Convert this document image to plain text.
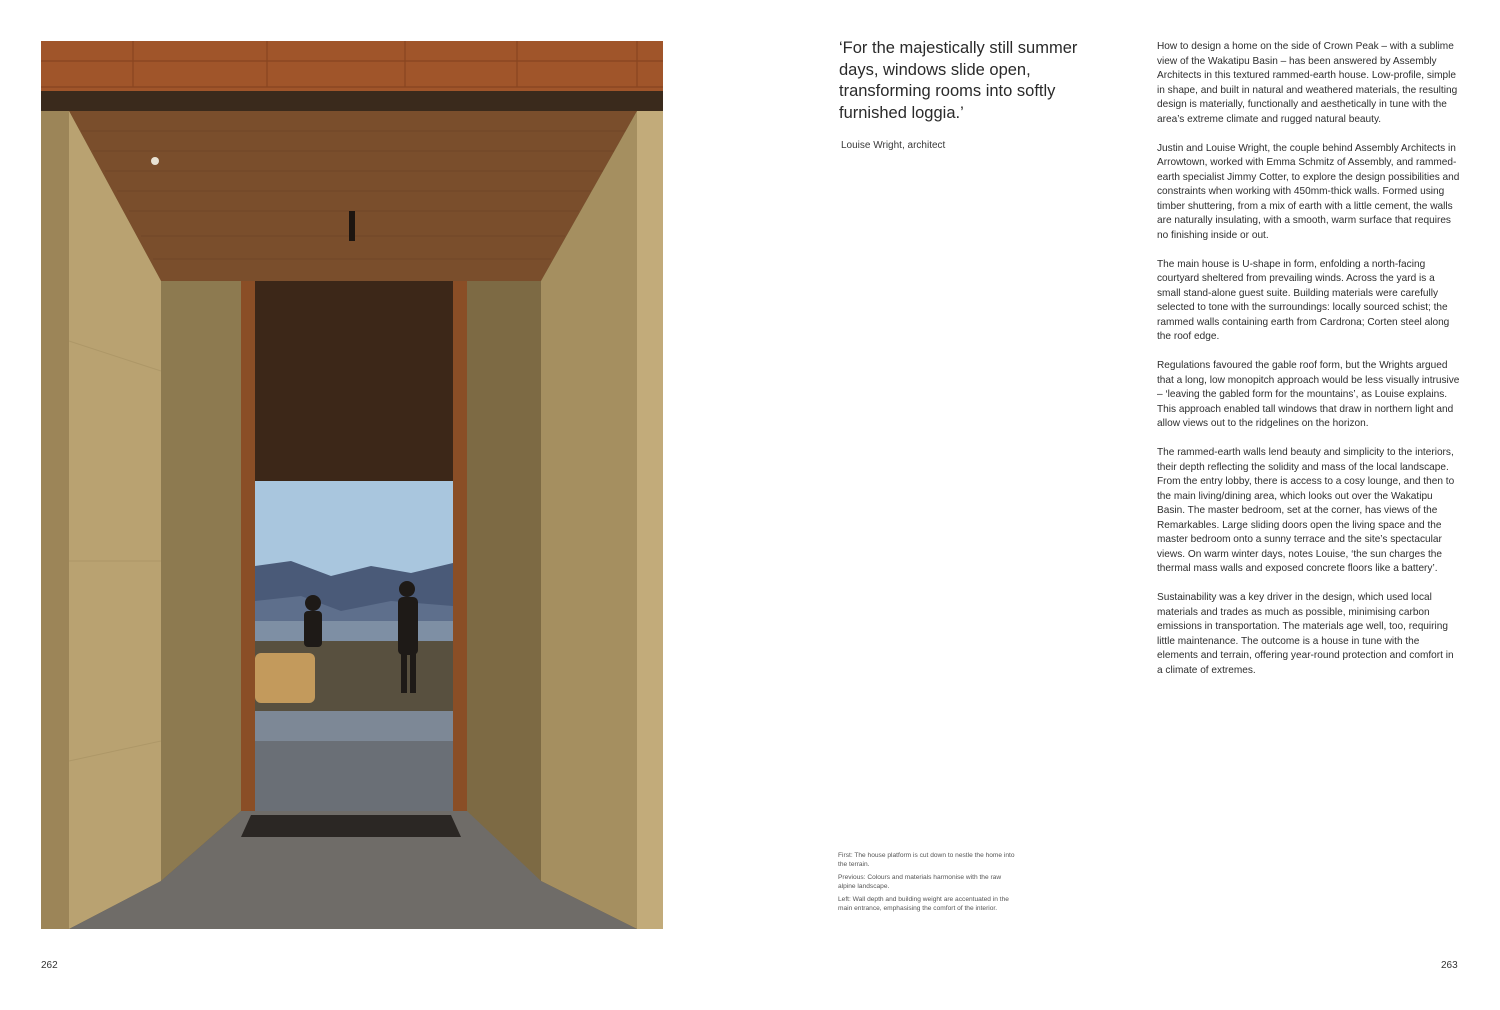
‘For the majestically still summer days, windows slide open, transforming rooms into softly furnished loggia.’

Louise Wright, architect

How to design a home on the side of Crown Peak – with a sublime view of the Wakatipu Basin – has been answered by Assembly Architects in this textured rammed-earth house. Low-profile, simple in shape, and built in natural and weathered materials, the resulting design is materially, functionally and aesthetically in tune with the area’s extreme climate and rugged natural beauty.

Justin and Louise Wright, the couple behind Assembly Architects in Arrowtown, worked with Emma Schmitz of Assembly, and rammed-earth specialist Jimmy Cotter, to explore the design possibilities and constraints when working with 450mm-thick walls. Formed using timber shuttering, from a mix of earth with a little cement, the walls are naturally insulating, with a smooth, warm surface that requires no finishing inside or out.

The main house is U-shape in form, enfolding a north-facing courtyard sheltered from prevailing winds. Across the yard is a small stand-alone guest suite. Building materials were carefully selected to tone with the surroundings: locally sourced schist; the rammed walls containing earth from Cardrona; Corten steel along the roof edge.

Regulations favoured the gable roof form, but the Wrights argued that a long, low monopitch approach would be less visually intrusive – ‘leaving the gabled form for the mountains’, as Louise explains. This approach enabled tall windows that draw in northern light and allow views out to the ridgelines on the horizon.

The rammed-earth walls lend beauty and simplicity to the interiors, their depth reflecting the solidity and mass of the local landscape. From the entry lobby, there is access to a cosy lounge, and then to the main living/dining area, which looks out over the Wakatipu Basin. The master bedroom, set at the corner, has views of the Remarkables. Large sliding doors open the living space and the master bedroom onto a sunny terrace and the site’s spectacular views. On warm winter days, notes Louise, ‘the sun charges the thermal mass walls and exposed concrete floors like a battery’.

Sustainability was a key driver in the design, which used local materials and trades as much as possible, minimising carbon emissions in transportation. The materials age well, too, requiring little maintenance. The outcome is a house in tune with the elements and terrain, offering year-round protection and comfort in a climate of extremes.

First: The house platform is cut down to nestle the home into the terrain.

Previous: Colours and materials harmonise with the raw alpine landscape.

Left: Wall depth and building weight are accentuated in the main entrance, emphasising the comfort of the interior.

262	263
